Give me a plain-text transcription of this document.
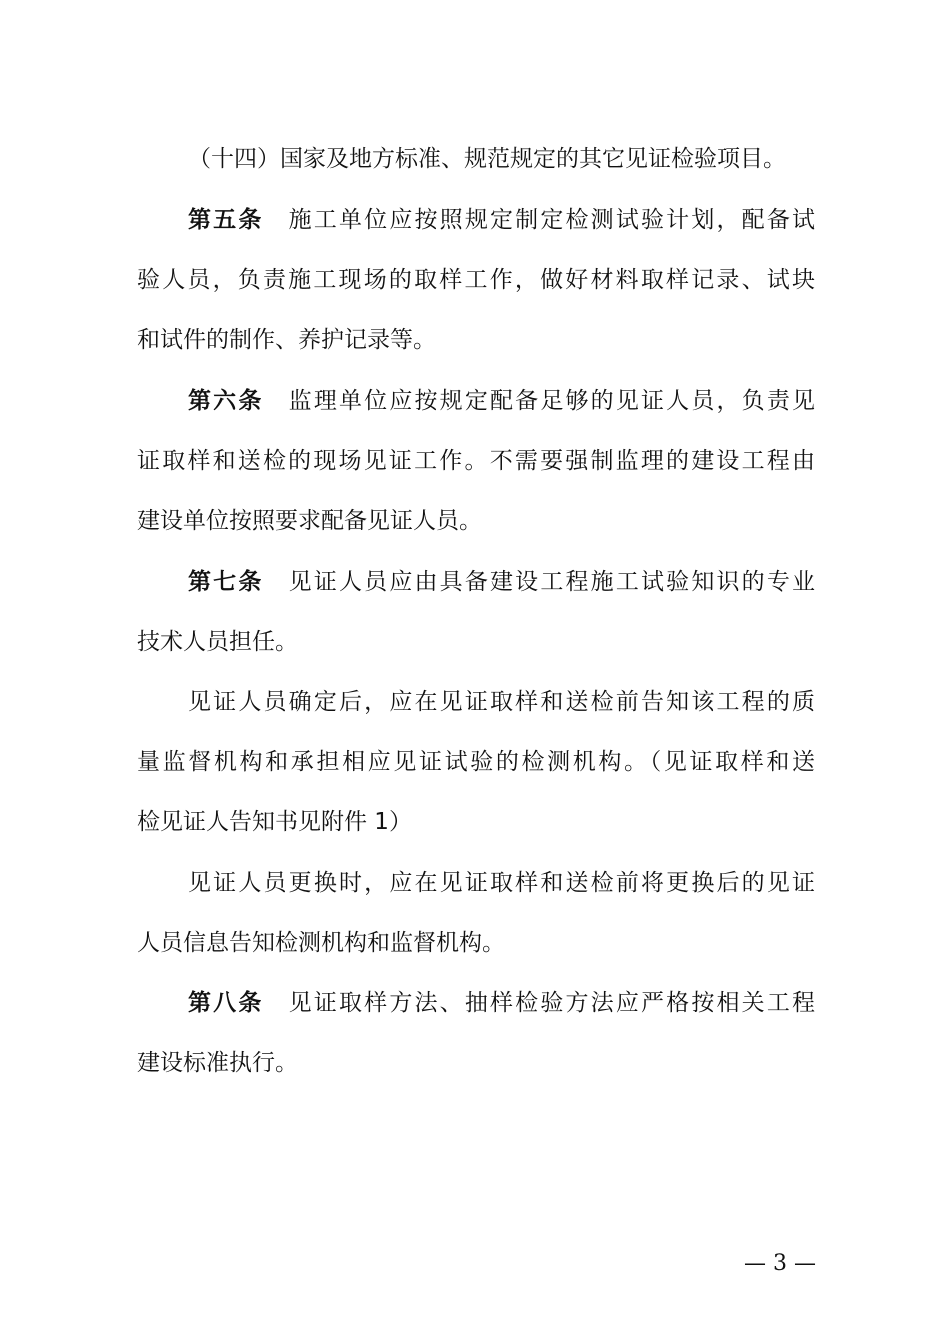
（十四）国家及地方标准、规范规定的其它见证检验项目。
第五条　 施工单位应按照规定制定检测试验计划，配备试
验人员，负责施工现场的取样工作，做好材料取样记录、试块
和试件的制作、养护记录等。
第六条　 监理单位应按规定配备足够的见证人员，负责见
证取样和送检的现场见证工作。不需要强制监理的建设工程由
建设单位按照要求配备见证人员。
第七条　 见证人员应由具备建设工程施工试验知识的专业
技术人员担任。
见证人员确定后，应在见证取样和送检前告知该工程的质
量监督机构和承担相应见证试验的检测机构。（见证取样和送
检见证人告知书见附件 1）
见证人员更换时，应在见证取样和送检前将更换后的见证
人员信息告知检测机构和监督机构。
第八条　 见证取样方法、抽样检验方法应严格按相关工程
建设标准执行。
— 3 —
